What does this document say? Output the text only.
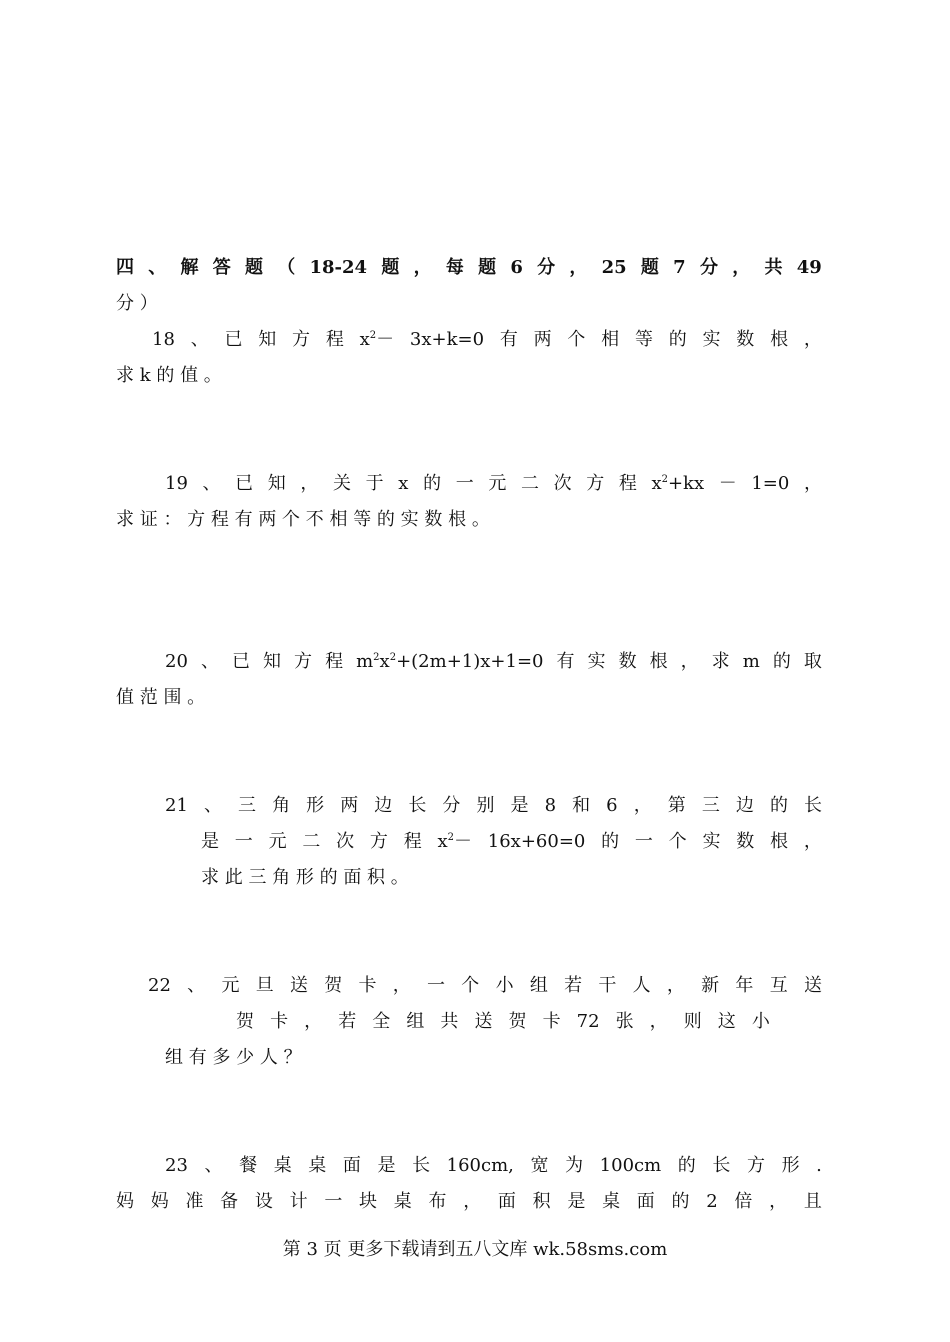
四 、 解 答 题 （ 18-24 题 ， 每 题 6 分 ， 25 题 7 分 ， 共 49
分 ）
18 、 已 知 方 程 $x^2- 3x+k=0$ 有 两 个 相 等 的 实 数 根 ，
求 k 的 值 。
19 、 已 知 ， 关 于 x 的 一 元 二 次 方 程 $x^2+kx - 1=0$ ，
求 证 ： 方 程 有 两 个 不 相 等 的 实 数 根 。
20 、 已 知 方 程 $m^2x^2+(2m+1)x+1=0$ 有 实 数 根 ， 求 m 的 取
值 范 围 。
21 、 三 角 形 两 边 长 分 别 是 8 和 6 ， 第 三 边 的 长
是 一 元 二 次 方 程 $x^2- 16x+60=0$ 的 一 个 实 数 根 ，
求 此 三 角 形 的 面 积 。
22 、 元 旦 送 贺 卡 ， 一 个 小 组 若 干 人 ， 新 年 互 送
贺 卡 ， 若 全 组 共 送 贺 卡 72 张 ， 则 这 小
组 有 多 少 人 ？
23 、 餐 桌 桌 面 是 长 160cm, 宽 为 100cm 的 长 方 形 .
妈 妈 准 备 设 计 一 块 桌 布 ， 面 积 是 桌 面 的 2 倍 ， 且
第 3 页 更多下载请到五八文库 wk.58sms.com
